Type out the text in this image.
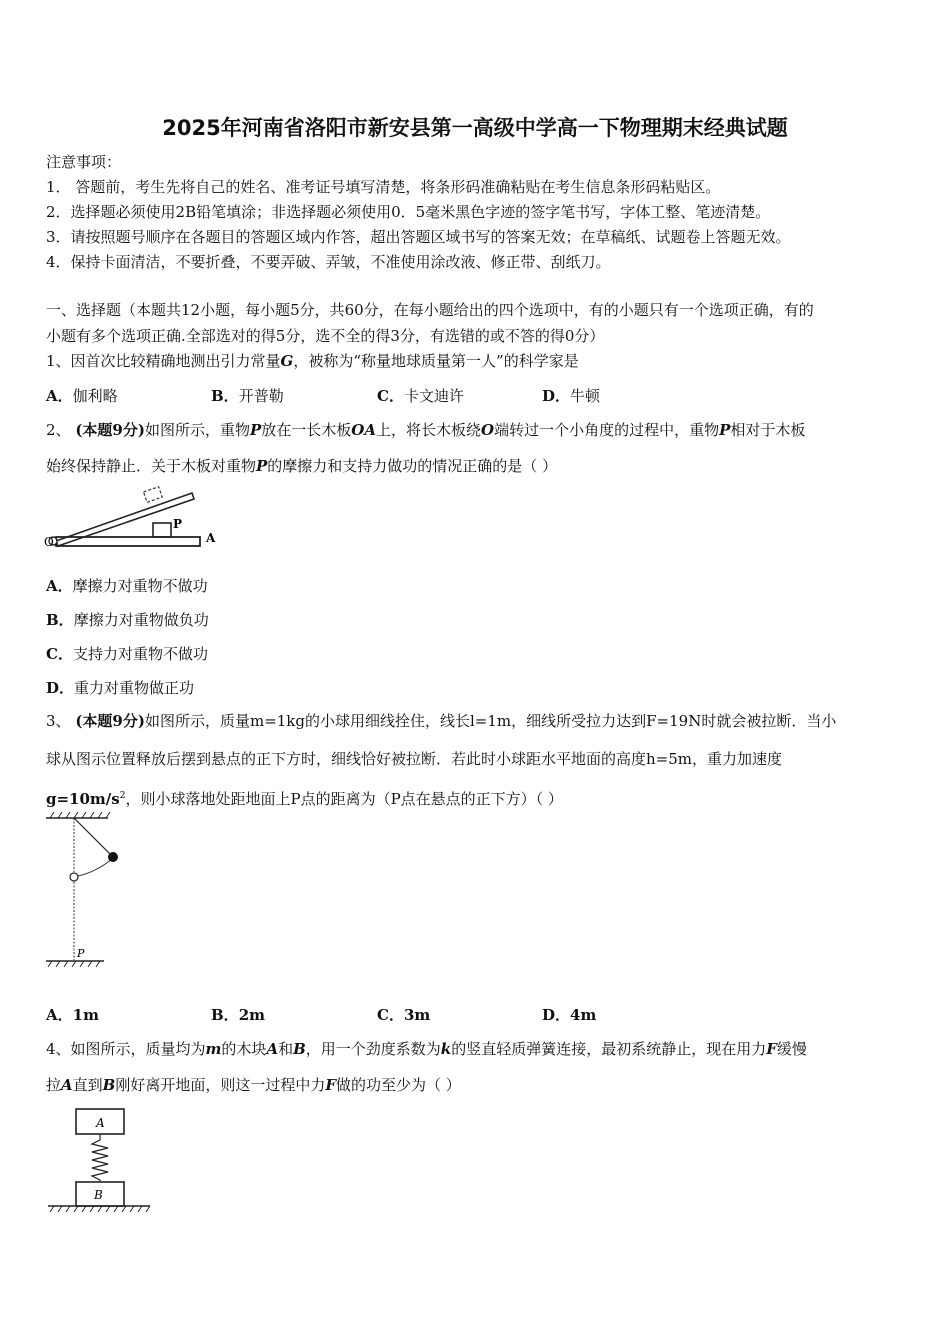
2025年河南省洛阳市新安县第一高级中学高一下物理期末经典试题
注意事项：
1． 答题前，考生先将自己的姓名、准考证号填写清楚，将条形码准确粘贴在考生信息条形码粘贴区。
2．选择题必须使用2B铅笔填涂；非选择题必须使用0．5毫米黑色字迹的签字笔书写，字体工整、笔迹清楚。
3．请按照题号顺序在各题目的答题区域内作答，超出答题区域书写的答案无效；在草稿纸、试题卷上答题无效。
4．保持卡面清洁，不要折叠，不要弄破、弄皱，不准使用涂改液、修正带、刮纸刀。
一、选择题（本题共12小题，每小题5分，共60分，在每小题给出的四个选项中，有的小题只有一个选项正确，有的
小题有多个选项正确.全部选对的得5分，选不全的得3分，有选错的或不答的得0分）
1、因首次比较精确地测出引力常量G，被称为“称量地球质量第一人”的科学家是
A．伽利略	B．开普勒	C．卡文迪许	D．牛顿
2、 (本题9分)如图所示，重物P放在一长木板OA上，将长木板绕O端转过一个小角度的过程中，重物P相对于木板
始终保持静止．关于木板对重物P的摩擦力和支持力做功的情况正确的是（ ）
O
P
A
A．摩擦力对重物不做功
B．摩擦力对重物做负功
C．支持力对重物不做功
D．重力对重物做正功
3、 (本题9分)如图所示，质量m=1kg的小球用细线拴住，线长l=1m，细线所受拉力达到F=19N时就会被拉断．当小
球从图示位置释放后摆到悬点的正下方时，细线恰好被拉断．若此时小球距水平地面的高度h=5m，重力加速度
$g=10m/s^2$，则小球落地处距地面上P点的距离为（P点在悬点的正下方）（ ）
P
A．1m	B．2m	C．3m	D．4m
4、如图所示，质量均为m的木块A和B，用一个劲度系数为k的竖直轻质弹簧连接，最初系统静止，现在用力F缓慢
拉A直到B刚好离开地面，则这一过程中力F做的功至少为（ ）
A
B
